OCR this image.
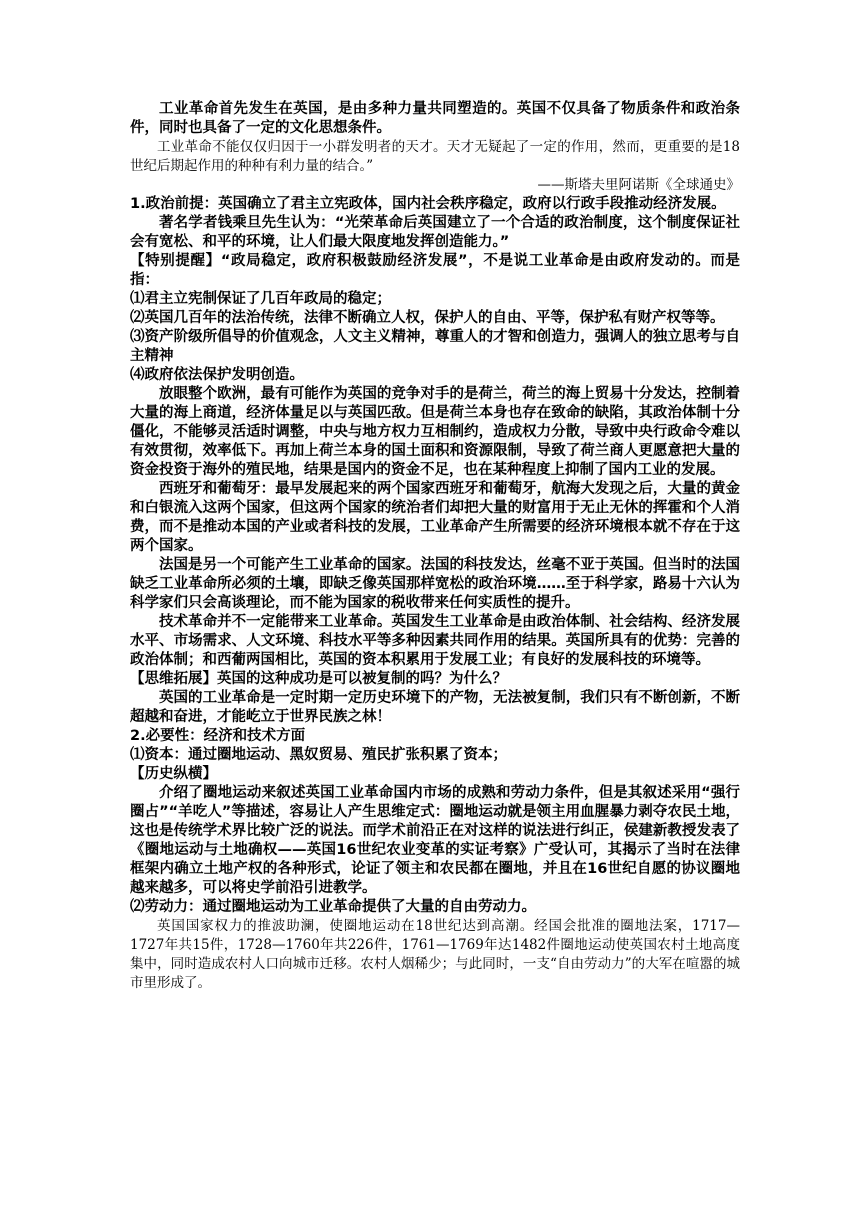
工业革命首先发生在英国，是由多种力量共同塑造的。英国不仅具备了物质条件和政治条件，同时也具备了一定的文化思想条件。

工业革命不能仅仅归因于一小群发明者的天才。天才无疑起了一定的作用，然而，更重要的是18世纪后期起作用的种种有利力量的结合。”

——斯塔夫里阿诺斯《全球通史》

1.政治前提：英国确立了君主立宪政体，国内社会秩序稳定，政府以行政手段推动经济发展。

著名学者钱乘旦先生认为：“光荣革命后英国建立了一个合适的政治制度，这个制度保证社会有宽松、和平的环境，让人们最大限度地发挥创造能力。”

【特别提醒】“政局稳定，政府积极鼓励经济发展”，不是说工业革命是由政府发动的。而是指：

⑴君主立宪制保证了几百年政局的稳定；

⑵英国几百年的法治传统，法律不断确立人权，保护人的自由、平等，保护私有财产权等等。

⑶资产阶级所倡导的价值观念，人文主义精神，尊重人的才智和创造力，强调人的独立思考与自主精神

⑷政府依法保护发明创造。

放眼整个欧洲，最有可能作为英国的竞争对手的是荷兰，荷兰的海上贸易十分发达，控制着大量的海上商道，经济体量足以与英国匹敌。但是荷兰本身也存在致命的缺陷，其政治体制十分僵化，不能够灵活适时调整，中央与地方权力互相制约，造成权力分散，导致中央行政命令难以有效贯彻，效率低下。再加上荷兰本身的国土面积和资源限制，导致了荷兰商人更愿意把大量的资金投资于海外的殖民地，结果是国内的资金不足，也在某种程度上抑制了国内工业的发展。

西班牙和葡萄牙：最早发展起来的两个国家西班牙和葡萄牙，航海大发现之后，大量的黄金和白银流入这两个国家，但这两个国家的统治者们却把大量的财富用于无止无休的挥霍和个人消费，而不是推动本国的产业或者科技的发展，工业革命产生所需要的经济环境根本就不存在于这两个国家。

法国是另一个可能产生工业革命的国家。法国的科技发达，丝毫不亚于英国。但当时的法国缺乏工业革命所必须的土壤，即缺乏像英国那样宽松的政治环境……至于科学家，路易十六认为科学家们只会高谈理论，而不能为国家的税收带来任何实质性的提升。

技术革命并不一定能带来工业革命。英国发生工业革命是由政治体制、社会结构、经济发展水平、市场需求、人文环境、科技水平等多种因素共同作用的结果。英国所具有的优势：完善的政治体制；和西葡两国相比，英国的资本积累用于发展工业；有良好的发展科技的环境等。

【思维拓展】英国的这种成功是可以被复制的吗？为什么？

英国的工业革命是一定时期一定历史环境下的产物，无法被复制，我们只有不断创新，不断超越和奋进，才能屹立于世界民族之林！

2.必要性：经济和技术方面

⑴资本：通过圈地运动、黑奴贸易、殖民扩张积累了资本；

【历史纵横】

介绍了圈地运动来叙述英国工业革命国内市场的成熟和劳动力条件，但是其叙述采用“强行圈占”“羊吃人”等描述，容易让人产生思维定式：圈地运动就是领主用血腥暴力剥夺农民土地，这也是传统学术界比较广泛的说法。而学术前沿正在对这样的说法进行纠正，侯建新教授发表了《圈地运动与土地确权——英国16世纪农业变革的实证考察》广受认可，其揭示了当时在法律框架内确立土地产权的各种形式，论证了领主和农民都在圈地，并且在16世纪自愿的协议圈地越来越多，可以将史学前沿引进教学。

⑵劳动力：通过圈地运动为工业革命提供了大量的自由劳动力。

英国国家权力的推波助澜，使圈地运动在18世纪达到高潮。经国会批准的圈地法案，1717—1727年共15件，1728—1760年共226件，1761—1769年达1482件圈地运动使英国农村土地高度集中，同时造成农村人口向城市迁移。农村人烟稀少；与此同时，一支“自由劳动力”的大军在喧嚣的城市里形成了。
